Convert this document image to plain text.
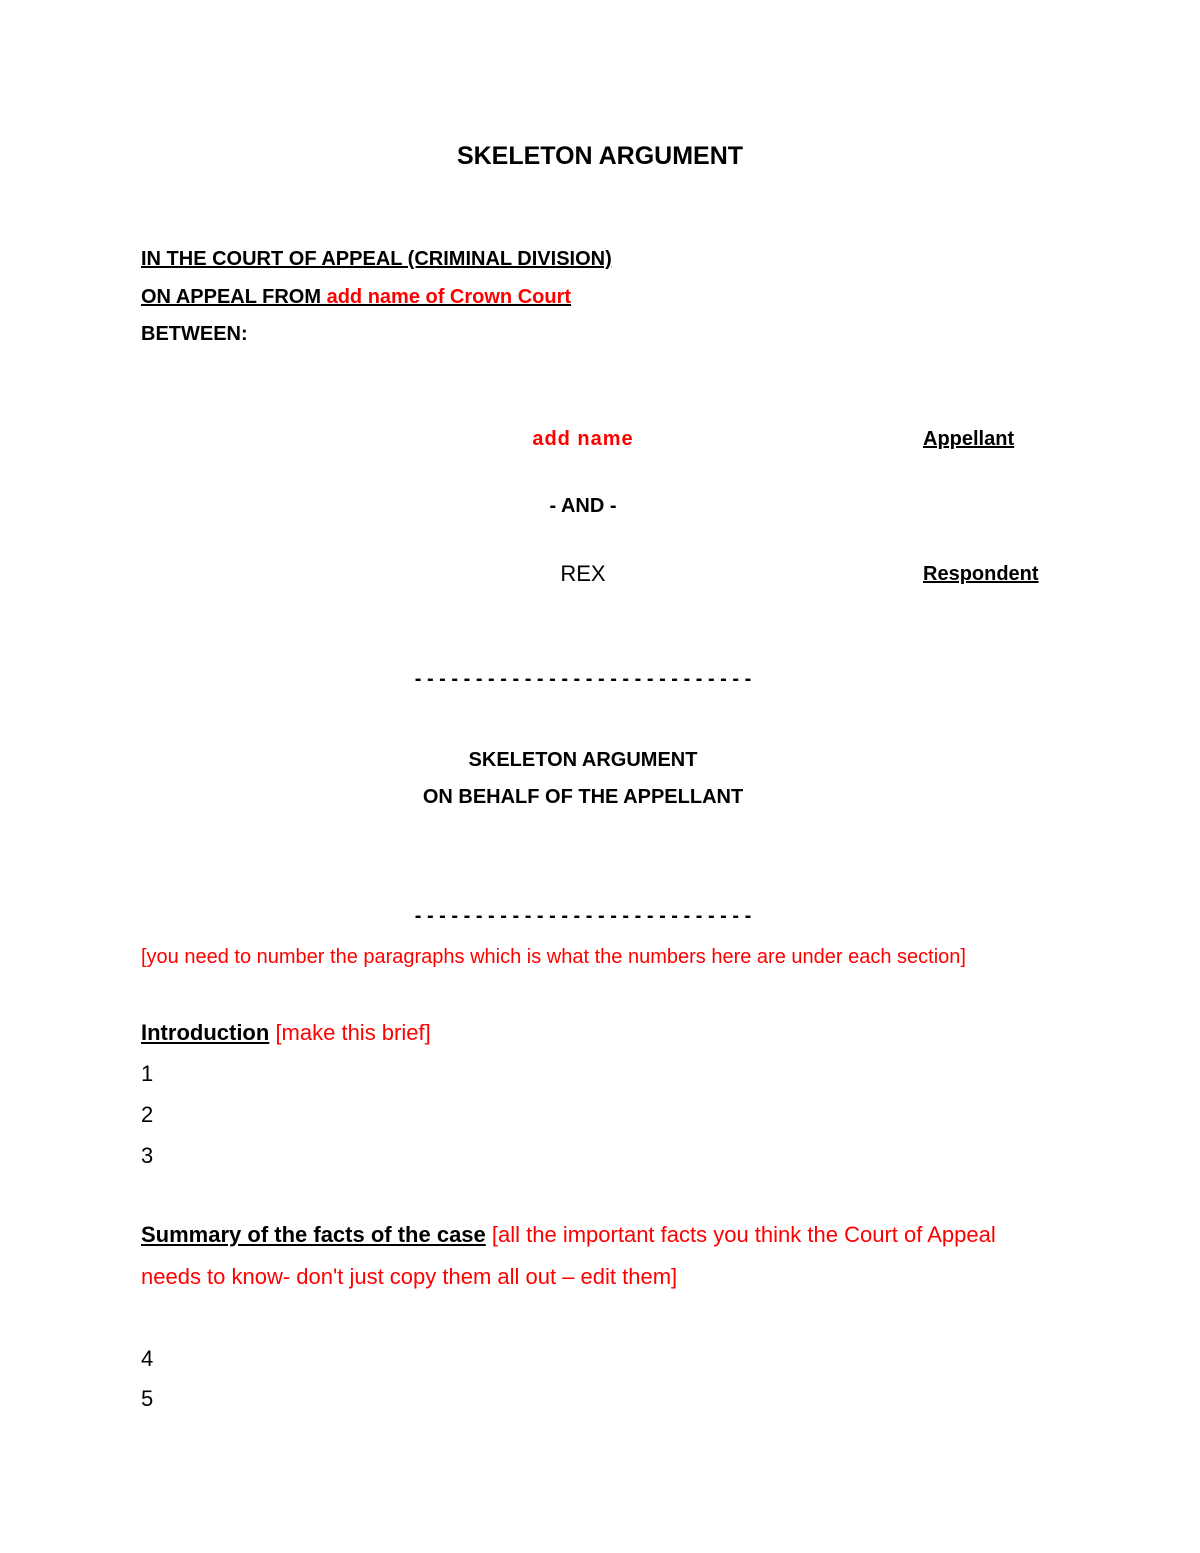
SKELETON ARGUMENT
IN THE COURT OF APPEAL (CRIMINAL DIVISION)
ON APPEAL FROM add name of Crown Court
BETWEEN:
add name	Appellant
- AND -
REX	Respondent
- - - - - - - - - - - - - - - - - - - - - - - - - - - -
SKELETON ARGUMENT
ON BEHALF OF THE APPELLANT
- - - - - - - - - - - - - - - - - - - - - - - - - - - -
[you need to number the paragraphs which is what the numbers here are under each section]
Introduction [make this brief]
1
2
3
Summary of the facts of the case [all the important facts you think the Court of Appeal
needs to know- don't just copy them all out – edit them]
4
5
